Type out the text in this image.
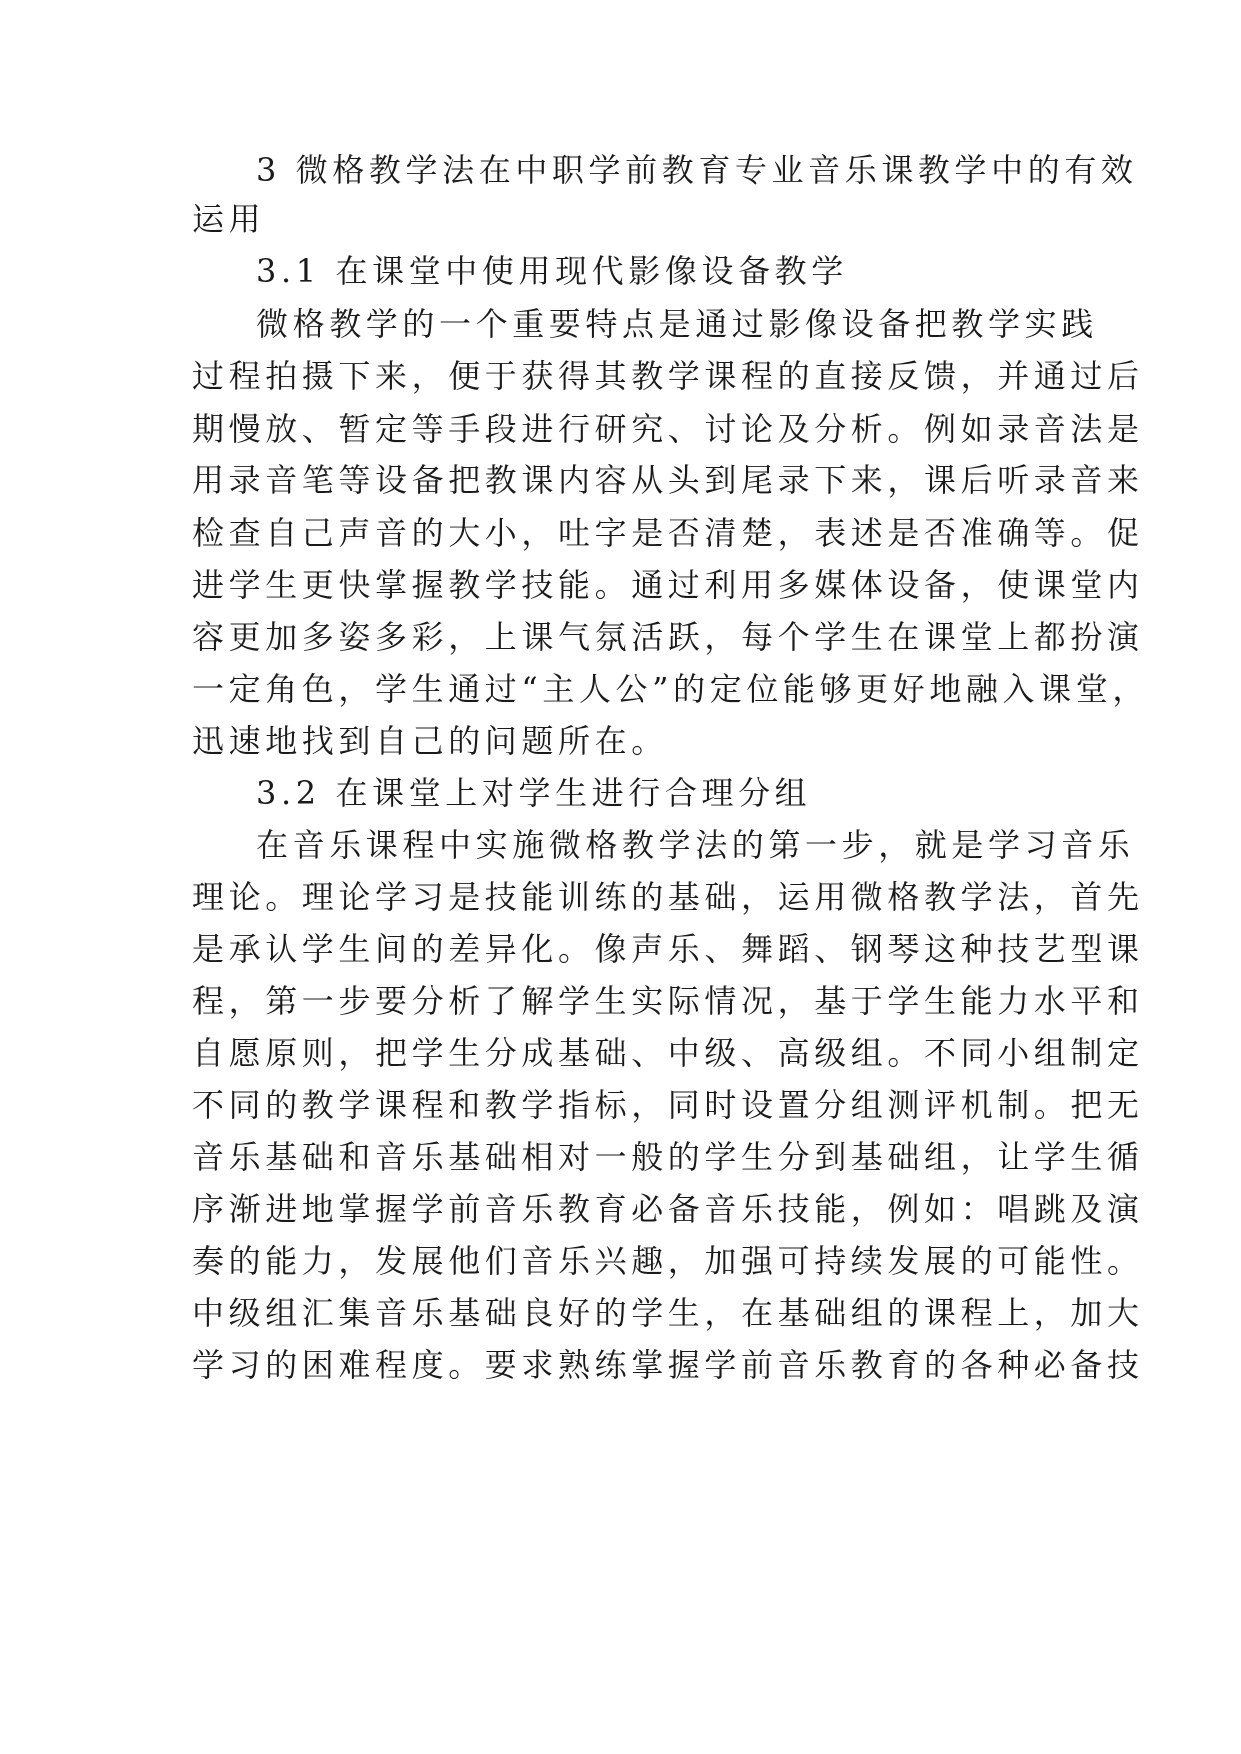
3 微格教学法在中职学前教育专业音乐课教学中的有效
运用
3.1 在课堂中使用现代影像设备教学
微格教学的一个重要特点是通过影像设备把教学实践
过程拍摄下来，便于获得其教学课程的直接反馈，并通过后
期慢放、暂定等手段进行研究、讨论及分析。例如录音法是
用录音笔等设备把教课内容从头到尾录下来，课后听录音来
检查自己声音的大小，吐字是否清楚，表述是否准确等。促
进学生更快掌握教学技能。通过利用多媒体设备，使课堂内
容更加多姿多彩，上课气氛活跃，每个学生在课堂上都扮演
一定角色，学生通过“主人公”的定位能够更好地融入课堂，
迅速地找到自己的问题所在。
3.2 在课堂上对学生进行合理分组
在音乐课程中实施微格教学法的第一步，就是学习音乐
理论。理论学习是技能训练的基础，运用微格教学法，首先
是承认学生间的差异化。像声乐、舞蹈、钢琴这种技艺型课
程，第一步要分析了解学生实际情况，基于学生能力水平和
自愿原则，把学生分成基础、中级、高级组。不同小组制定
不同的教学课程和教学指标，同时设置分组测评机制。把无
音乐基础和音乐基础相对一般的学生分到基础组，让学生循
序渐进地掌握学前音乐教育必备音乐技能，例如：唱跳及演
奏的能力，发展他们音乐兴趣，加强可持续发展的可能性。
中级组汇集音乐基础良好的学生，在基础组的课程上，加大
学习的困难程度。要求熟练掌握学前音乐教育的各种必备技
